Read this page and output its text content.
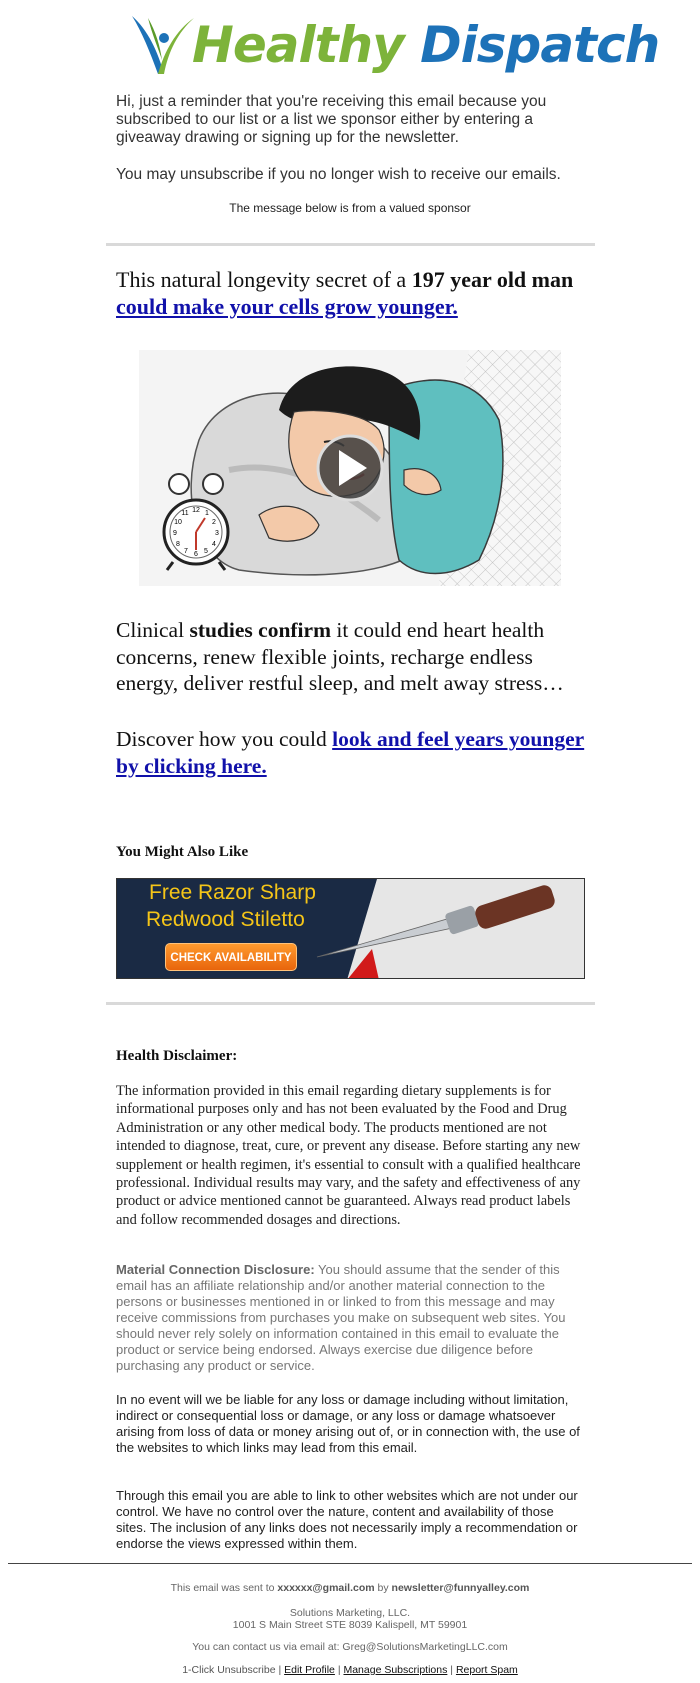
Healthy Dispatch
Hi, just a reminder that you're receiving this email because you subscribed to our list or a list we sponsor either by entering a giveaway drawing or signing up for the newsletter.
You may unsubscribe if you no longer wish to receive our emails.
The message below is from a valued sponsor
This natural longevity secret of a 197 year old man
could make your cells grow younger.
12 1
2
3
4
5
6
7
8
9
10
11
Clinical studies confirm it could end heart health concerns, renew flexible joints, recharge endless energy, deliver restful sleep, and melt away stress…
Discover how you could look and feel years younger by clicking here.
You Might Also Like
Free Razor Sharp
Redwood Stiletto
CHECK AVAILABILITY
Health Disclaimer:
The information provided in this email regarding dietary supplements is for informational purposes only and has not been evaluated by the Food and Drug Administration or any other medical body. The products mentioned are not intended to diagnose, treat, cure, or prevent any disease. Before starting any new supplement or health regimen, it's essential to consult with a qualified healthcare professional. Individual results may vary, and the safety and effectiveness of any product or advice mentioned cannot be guaranteed. Always read product labels and follow recommended dosages and directions.
Material Connection Disclosure: You should assume that the sender of this email has an affiliate relationship and/or another material connection to the persons or businesses mentioned in or linked to from this message and may receive commissions from purchases you make on subsequent web sites. You should never rely solely on information contained in this email to evaluate the product or service being endorsed. Always exercise due diligence before purchasing any product or service.
In no event will we be liable for any loss or damage including without limitation, indirect or consequential loss or damage, or any loss or damage whatsoever arising from loss of data or money arising out of, or in connection with, the use of the websites to which links may lead from this email.
Through this email you are able to link to other websites which are not under our control. We have no control over the nature, content and availability of those sites. The inclusion of any links does not necessarily imply a recommendation or endorse the views expressed within them.
This email was sent to xxxxxx@gmail.com by newsletter@funnyalley.com
Solutions Marketing, LLC.
1001 S Main Street STE 8039 Kalispell, MT 59901
You can contact us via email at: Greg@SolutionsMarketingLLC.com
1-Click Unsubscribe | Edit Profile | Manage Subscriptions | Report Spam
